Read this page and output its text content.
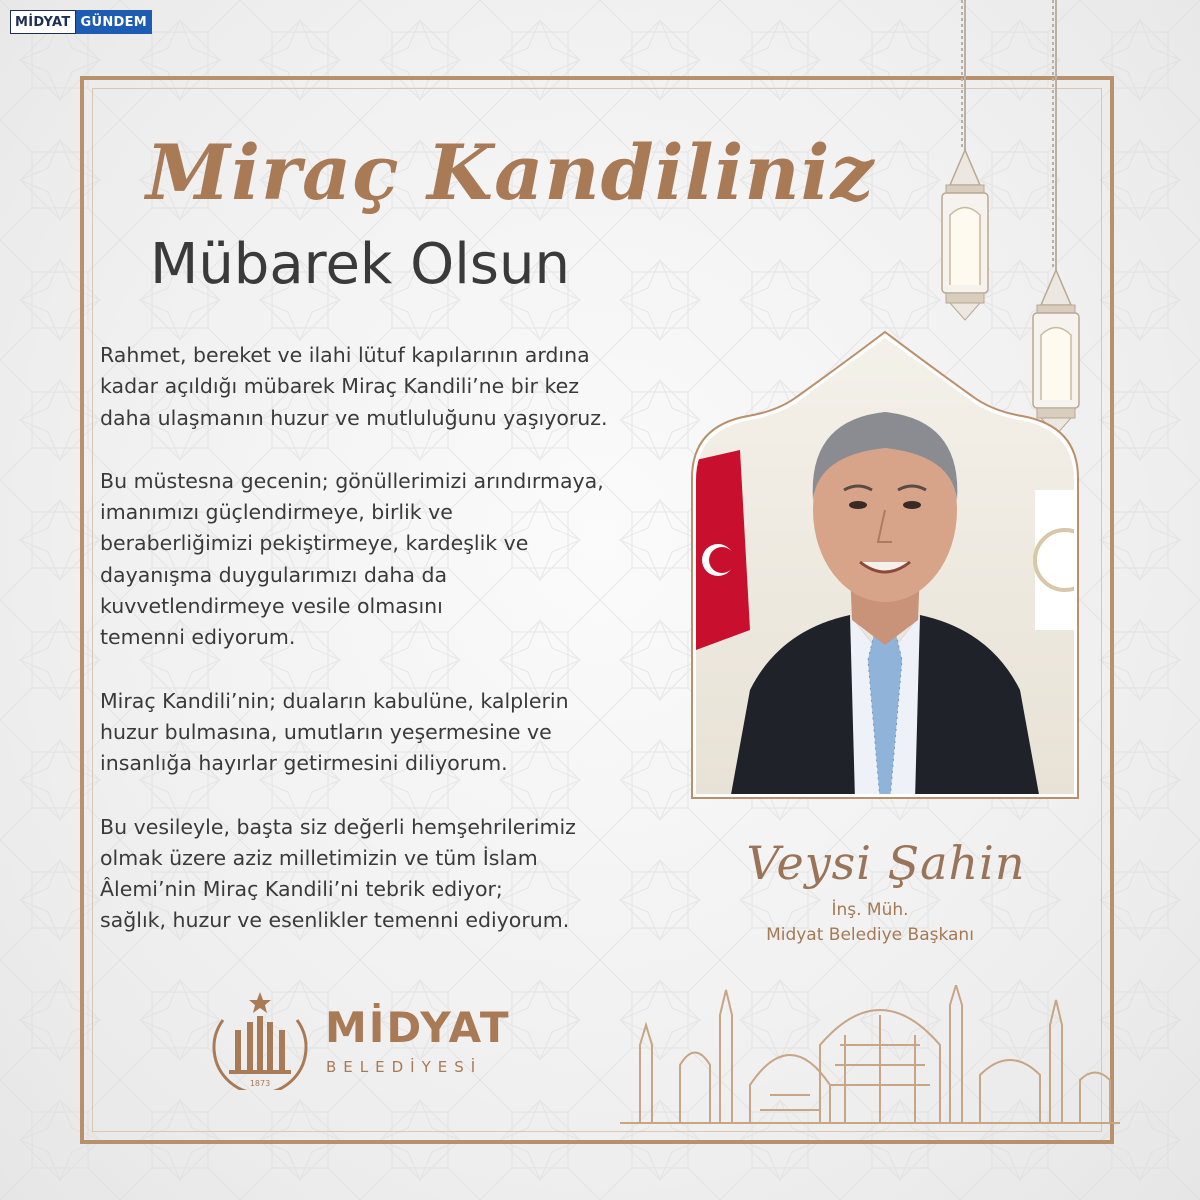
MİDYAT GÜNDEM
Miraç Kandiliniz
Mübarek Olsun

Rahmet, bereket ve ilahi lütuf kapılarının ardına
kadar açıldığı mübarek Miraç Kandili’ne bir kez
daha ulaşmanın huzur ve mutluluğunu yaşıyoruz.

Bu müstesna gecenin; gönüllerimizi arındırmaya,
imanımızı güçlendirmeye, birlik ve
beraberliğimizi pekiştirmeye, kardeşlik ve
dayanışma duygularımızı daha da
kuvvetlendirmeye vesile olmasını
temenni ediyorum.

Miraç Kandili’nin; duaların kabulüne, kalplerin
huzur bulmasına, umutların yeşermesine ve
insanlığa hayırlar getirmesini diliyorum.

Bu vesileyle, başta siz değerli hemşehrilerimiz
olmak üzere aziz milletimizin ve tüm İslam
Âlemi’nin Miraç Kandili’ni tebrik ediyor;
sağlık, huzur ve esenlikler temenni ediyorum.

Veysi Şahin
İnş. Müh.
Midyat Belediye Başkanı
1873
MİDYAT
BELEDİYESİ
